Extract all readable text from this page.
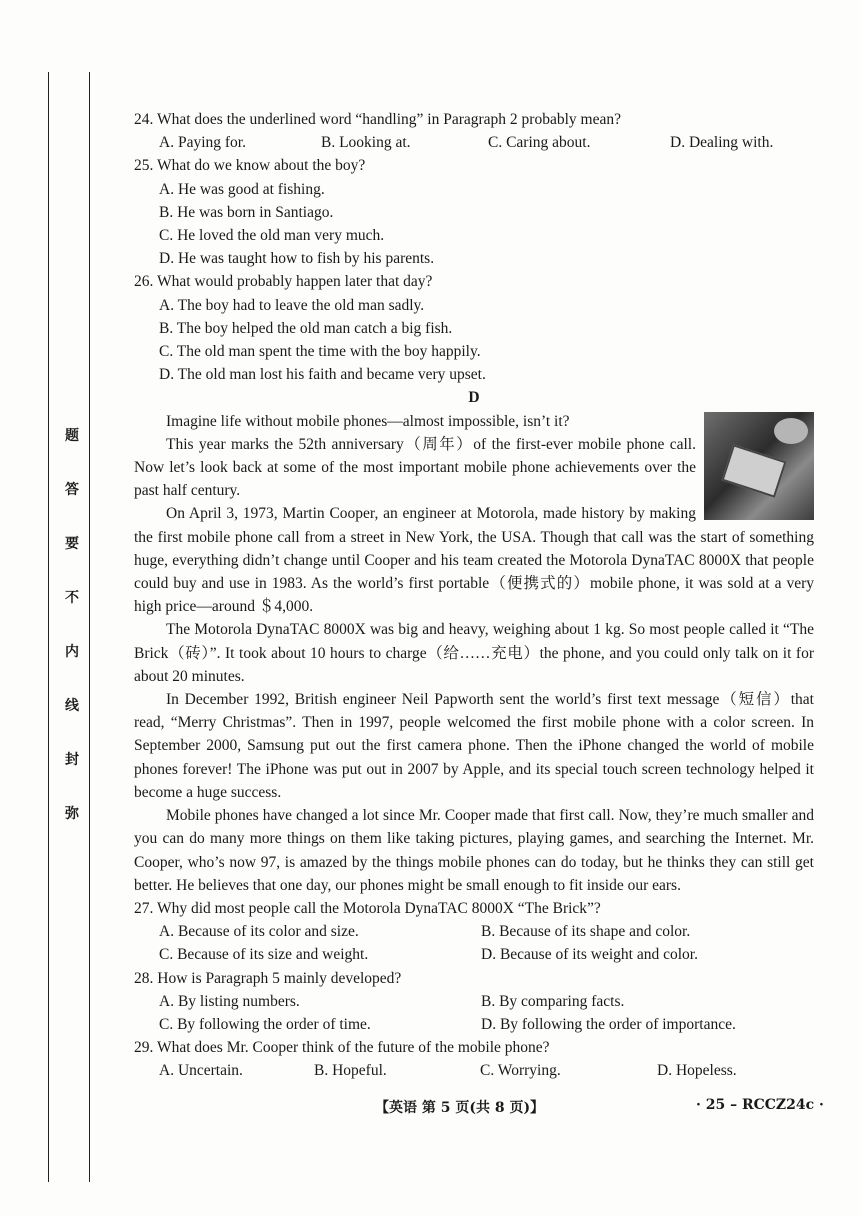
题
答
要
不
内
线
封
弥

24. What does the underlined word “handling” in Paragraph 2 probably mean?

A. Paying for.	B. Looking at.	C. Caring about.	D. Dealing with.

25. What do we know about the boy?

A. He was good at fishing.

B. He was born in Santiago.

C. He loved the old man very much.

D. He was taught how to fish by his parents.

26. What would probably happen later that day?

A. The boy had to leave the old man sadly.

B. The boy helped the old man catch a big fish.

C. The old man spent the time with the boy happily.

D. The old man lost his faith and became very upset.

D

Imagine life without mobile phones—almost impossible, isn’t it?

This year marks the 52th anniversary（周年）of the first-ever mobile phone call. Now let’s look back at some of the most important mobile phone achievements over the past half century.

On April 3, 1973, Martin Cooper, an engineer at Motorola, made history by making the first mobile phone call from a street in New York, the USA. Though that call was the start of something huge, everything didn’t change until Cooper and his team created the Motorola DynaTAC 8000X that people could buy and use in 1983. As the world’s first portable（便携式的）mobile phone, it was sold at a very high price—around ＄4,000.

The Motorola DynaTAC 8000X was big and heavy, weighing about 1 kg. So most people called it “The Brick（砖）”. It took about 10 hours to charge（给……充电）the phone, and you could only talk on it for about 20 minutes.

In December 1992, British engineer Neil Papworth sent the world’s first text message（短信）that read, “Merry Christmas”. Then in 1997, people welcomed the first mobile phone with a color screen. In September 2000, Samsung put out the first camera phone. Then the iPhone changed the world of mobile phones forever! The iPhone was put out in 2007 by Apple, and its special touch screen technology helped it become a huge success.

Mobile phones have changed a lot since Mr. Cooper made that first call. Now, they’re much smaller and you can do many more things on them like taking pictures, playing games, and searching the Internet. Mr. Cooper, who’s now 97, is amazed by the things mobile phones can do today, but he thinks they can still get better. He believes that one day, our phones might be small enough to fit inside our ears.

27. Why did most people call the Motorola DynaTAC 8000X “The Brick”?

A. Because of its color and size.	B. Because of its shape and color.
C. Because of its size and weight.	D. Because of its weight and color.

28. How is Paragraph 5 mainly developed?

A. By listing numbers.	B. By comparing facts.
C. By following the order of time.	D. By following the order of importance.

29. What does Mr. Cooper think of the future of the mobile phone?

A. Uncertain.	B. Hopeful.	C. Worrying.	D. Hopeless.
【英语 第 5 页(共 8 页)】	· 25 – RCCZ24c ·
